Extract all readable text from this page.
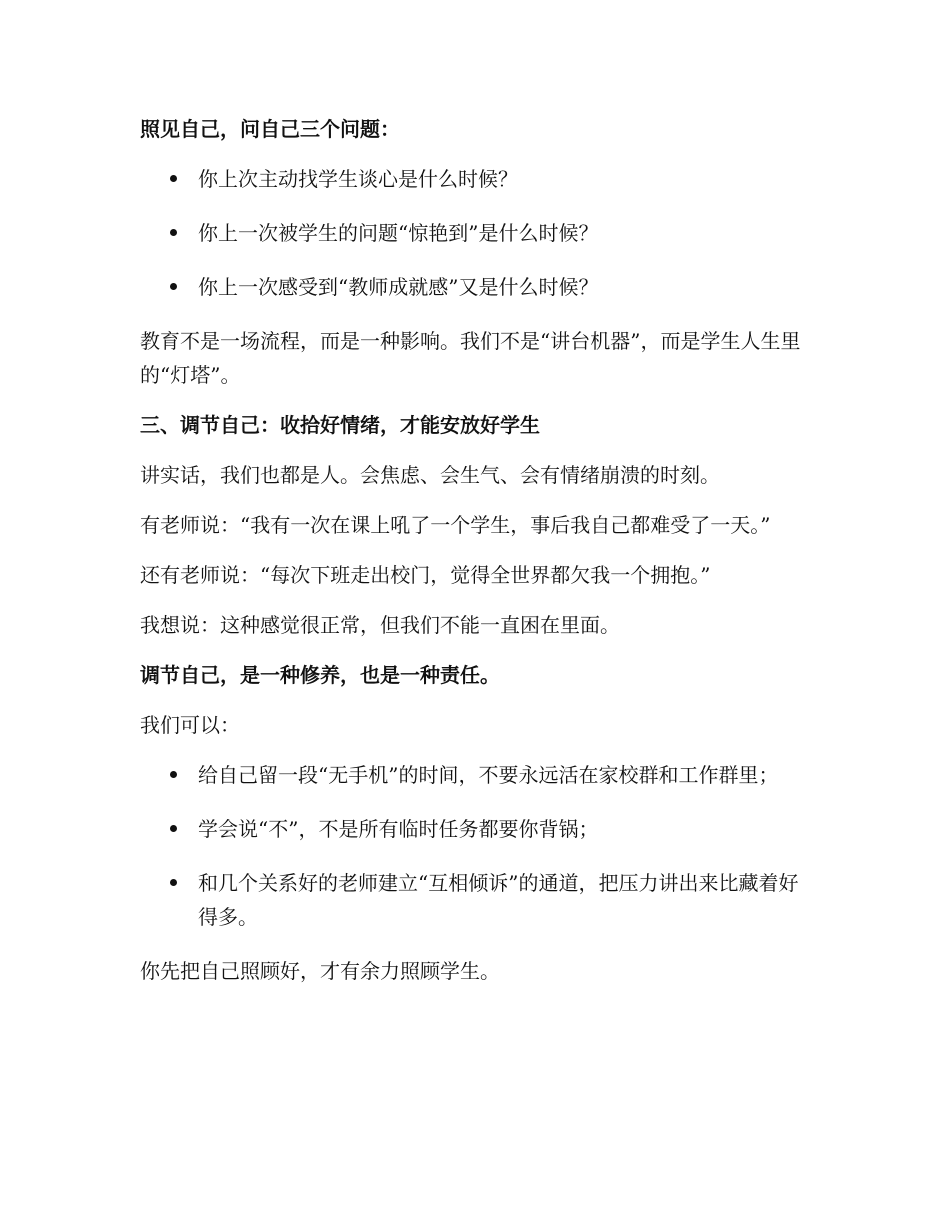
照见自己，问自己三个问题：

你上次主动找学生谈心是什么时候？
你上一次被学生的问题“惊艳到”是什么时候？
你上一次感受到“教师成就感”又是什么时候？

教育不是一场流程，而是一种影响。我们不是“讲台机器”，而是学生人生里的“灯塔”。

三、调节自己：收拾好情绪，才能安放好学生

讲实话，我们也都是人。会焦虑、会生气、会有情绪崩溃的时刻。

有老师说：“我有一次在课上吼了一个学生，事后我自己都难受了一天。”

还有老师说：“每次下班走出校门，觉得全世界都欠我一个拥抱。”

我想说：这种感觉很正常，但我们不能一直困在里面。

调节自己，是一种修养，也是一种责任。

我们可以：

给自己留一段“无手机”的时间，不要永远活在家校群和工作群里；
学会说“不”，不是所有临时任务都要你背锅；
和几个关系好的老师建立“互相倾诉”的通道，把压力讲出来比藏着好得多。

你先把自己照顾好，才有余力照顾学生。
